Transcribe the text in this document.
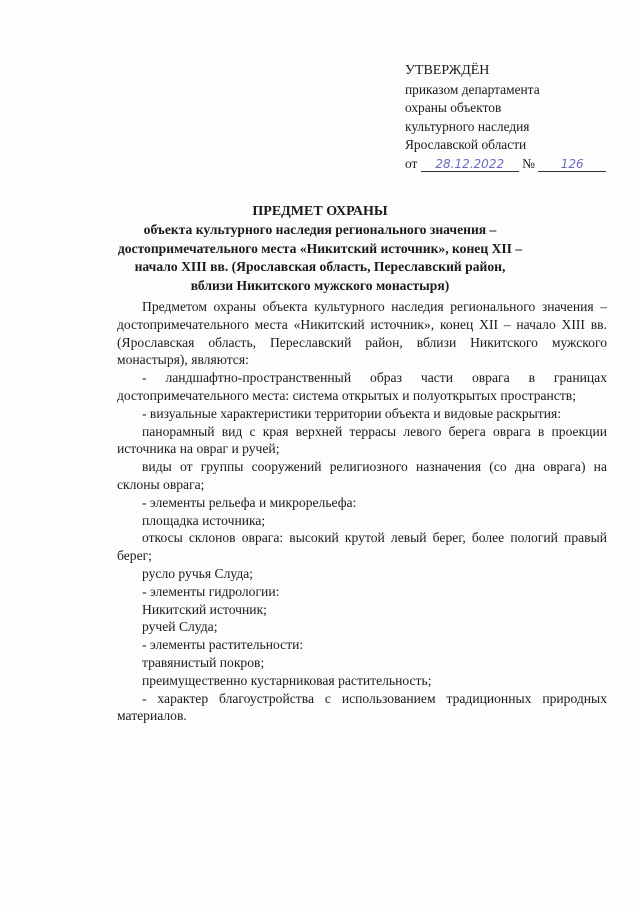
УТВЕРЖДЁН
приказом департамента
охраны объектов
культурного наследия
Ярославской области
от 28.12.2022 № 126
ПРЕДМЕТ ОХРАНЫ
объекта культурного наследия регионального значения –
достопримечательного места «Никитский источник», конец XII –
начало XIII вв. (Ярославская область, Переславский район,
вблизи Никитского мужского монастыря)

Предметом охраны объекта культурного наследия регионального значения – достопримечательного места «Никитский источник», конец XII – начало XIII вв. (Ярославская область, Переславский район, вблизи Никитского мужского монастыря), являются:

- ландшафтно-пространственный образ части оврага в границах достопримечательного места: система открытых и полуоткрытых пространств;

- визуальные характеристики территории объекта и видовые раскрытия:

панорамный вид с края верхней террасы левого берега оврага в проекции источника на овраг и ручей;

виды от группы сооружений религиозного назначения (со дна оврага) на склоны оврага;

- элементы рельефа и микрорельефа:

площадка источника;

откосы склонов оврага: высокий крутой левый берег, более пологий правый берег;

русло ручья Слуда;

- элементы гидрологии:

Никитский источник;

ручей Слуда;

- элементы растительности:

травянистый покров;

преимущественно кустарниковая растительность;

- характер благоустройства с использованием традиционных природных материалов.
